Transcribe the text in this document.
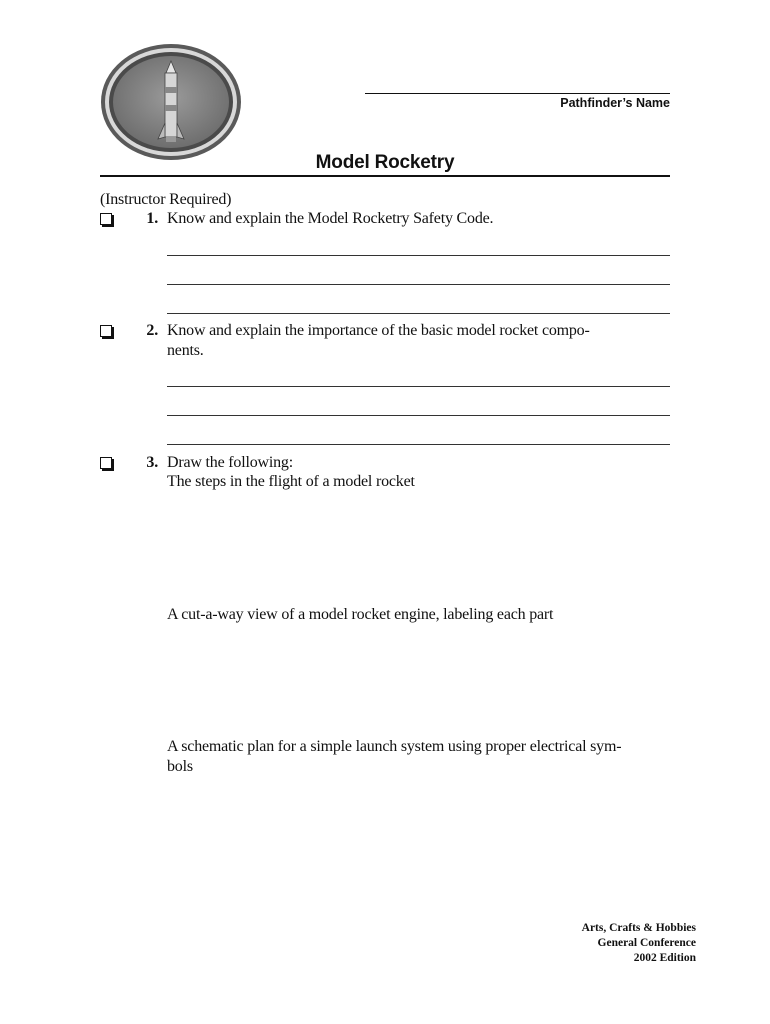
Pathfinder’s Name
Model Rocketry
(Instructor Required)
1. Know and explain the Model Rocketry Safety Code.
2. Know and explain the importance of the basic model rocket compo-
nents.
3. Draw the following:
The steps in the flight of a model rocket
A cut-a-way view of a model rocket engine, labeling each part
A schematic plan for a simple launch system using proper electrical sym-
bols
Arts, Crafts & Hobbies
General Conference
2002 Edition
